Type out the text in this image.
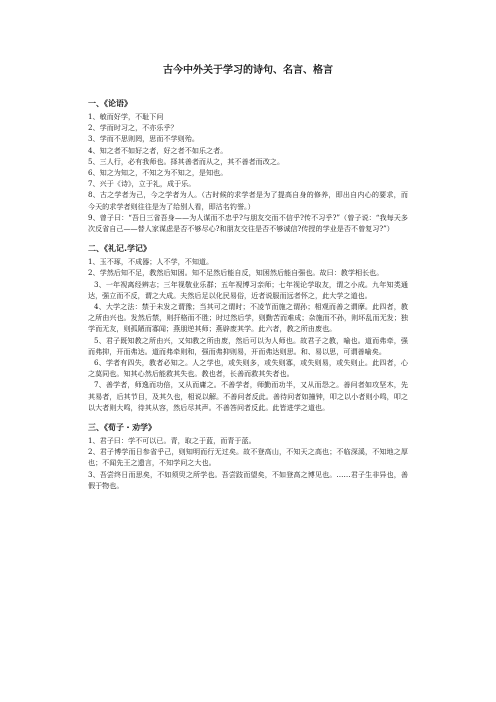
古今中外关于学习的诗句、名言、格言
一、《论语》

1、敏而好学，不耻下问

2、学而时习之，不亦乐乎？

3、学而不思则罔，思而不学则殆。

4、知之者不如好之者，好之者不如乐之者。

5、三人行，必有我师也。择其善者而从之，其不善者而改之。

6、知之为知之，不知之为不知之，是知也。

7、兴于《诗》，立于礼，成于乐。

8、古之学者为己，今之学者为人。（古时候的求学者是为了提高自身的修养，即出自内心的要求，而今天的求学者则往往是为了给别人看，即沽名钓誉。）

9、曾子曰：“吾日三省吾身——为人谋而不忠乎?与朋友交而不信乎?传不习乎?”（曾子说：“我每天多次反省自己——替人家谋虑是否不够尽心?和朋友交往是否不够诚信?传授的学业是否不曾复习?”）

二、《礼记.学记》

1、玉不琢，不成器；人不学，不知道。

2、学然后知不足，教然后知困。知不足然后能自反，知困然后能自强也。故曰：教学相长也。

3、一年视离经辨志；三年视敬业乐群；五年视博习亲师；七年视论学取友，谓之小成。九年知类通达，强立而不反，谓之大成。夫然后足以化民易俗，近者说服而远者怀之，此大学之道也。

4、大学之法：禁于未发之谓豫；当其可之谓时；不凌节而施之谓孙；相观而善之谓摩。此四者，教之所由兴也。发然后禁，则扞格而不胜；时过然后学，则勤苦而难成；杂施而不孙，则坏乱而无发；独学而无友，则孤陋而寡闻；燕朋逆其师；燕辟废其学。此六者，教之所由废也。

5、君子既知教之所由兴，又知教之所由废，然后可以为人师也。故君子之教，喻也。道而弗牵，强而弗抑，开而弗达。道而弗牵则和，强而弗抑则易，开而弗达则思。和、易以思，可谓善喻矣。

6、学者有四失，教者必知之。人之学也，或失则多，或失则寡，或失则易，或失则止。此四者，心之莫同也。知其心然后能救其失也。教也者，长善而救其失者也。

7、善学者，师逸而功倍，又从而庸之。不善学者，师勤而功半，又从而怨之。善问者如攻坚木，先其易者，后其节目，及其久也，相说以解。不善问者反此。善待问者如撞钟，叩之以小者则小鸣，叩之以大者则大鸣，待其从容，然后尽其声。不善答问者反此。此皆进学之道也。

三、《荀子・劝学》

1、君子曰：学不可以已。青，取之于蓝，而青于蓝。

2、君子博学而日参省乎己，则知明而行无过矣。故不登高山，不知天之高也；不临深溪，不知地之厚也；不闻先王之遗言，不知学问之大也。

3、吾尝终日而思矣，不如须臾之所学也。吾尝跂而望矣，不如登高之博见也。……君子生非异也，善假于物也。
